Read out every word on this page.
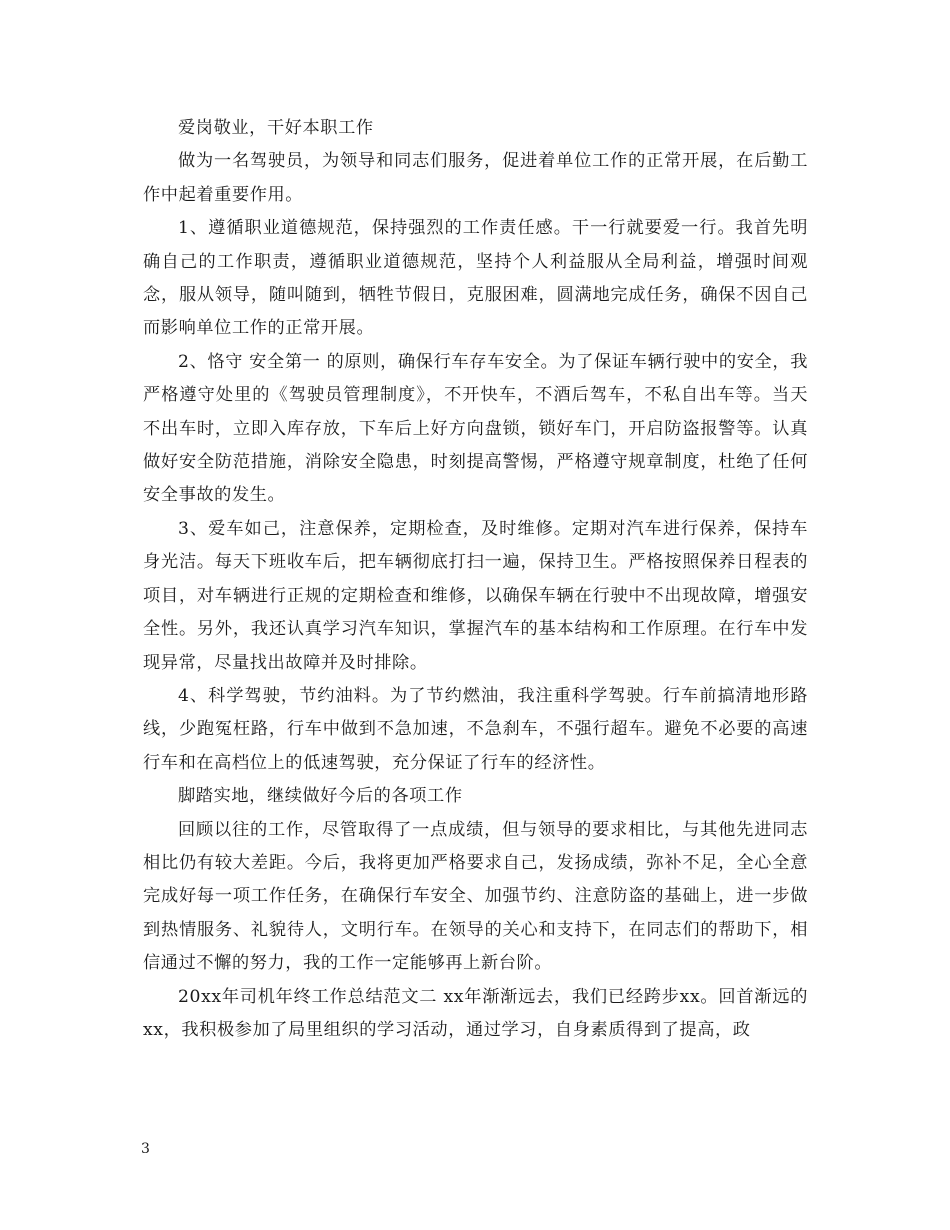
爱岗敬业，干好本职工作

做为一名驾驶员，为领导和同志们服务，促进着单位工作的正常开展，在后勤工作中起着重要作用。

1、遵循职业道德规范，保持强烈的工作责任感。干一行就要爱一行。我首先明确自己的工作职责，遵循职业道德规范，坚持个人利益服从全局利益，增强时间观念，服从领导，随叫随到，牺牲节假日，克服困难，圆满地完成任务，确保不因自己而影响单位工作的正常开展。

2、恪守 安全第一 的原则，确保行车存车安全。为了保证车辆行驶中的安全，我严格遵守处里的《驾驶员管理制度》，不开快车，不酒后驾车，不私自出车等。当天不出车时，立即入库存放，下车后上好方向盘锁，锁好车门，开启防盗报警等。认真做好安全防范措施，消除安全隐患，时刻提高警惕，严格遵守规章制度，杜绝了任何安全事故的发生。

3、爱车如己，注意保养，定期检查，及时维修。定期对汽车进行保养，保持车身光洁。每天下班收车后，把车辆彻底打扫一遍，保持卫生。严格按照保养日程表的项目，对车辆进行正规的定期检查和维修，以确保车辆在行驶中不出现故障，增强安全性。另外，我还认真学习汽车知识，掌握汽车的基本结构和工作原理。在行车中发现异常，尽量找出故障并及时排除。

4、科学驾驶，节约油料。为了节约燃油，我注重科学驾驶。行车前搞清地形路线，少跑冤枉路，行车中做到不急加速，不急刹车，不强行超车。避免不必要的高速行车和在高档位上的低速驾驶，充分保证了行车的经济性。

脚踏实地，继续做好今后的各项工作

回顾以往的工作，尽管取得了一点成绩，但与领导的要求相比，与其他先进同志相比仍有较大差距。今后，我将更加严格要求自己，发扬成绩，弥补不足，全心全意完成好每一项工作任务，在确保行车安全、加强节约、注意防盗的基础上，进一步做到热情服务、礼貌待人，文明行车。在领导的关心和支持下，在同志们的帮助下，相信通过不懈的努力，我的工作一定能够再上新台阶。

20xx年司机年终工作总结范文二 xx年渐渐远去，我们已经跨步xx。回首渐远的xx，我积极参加了局里组织的学习活动，通过学习，自身素质得到了提高，政

3
